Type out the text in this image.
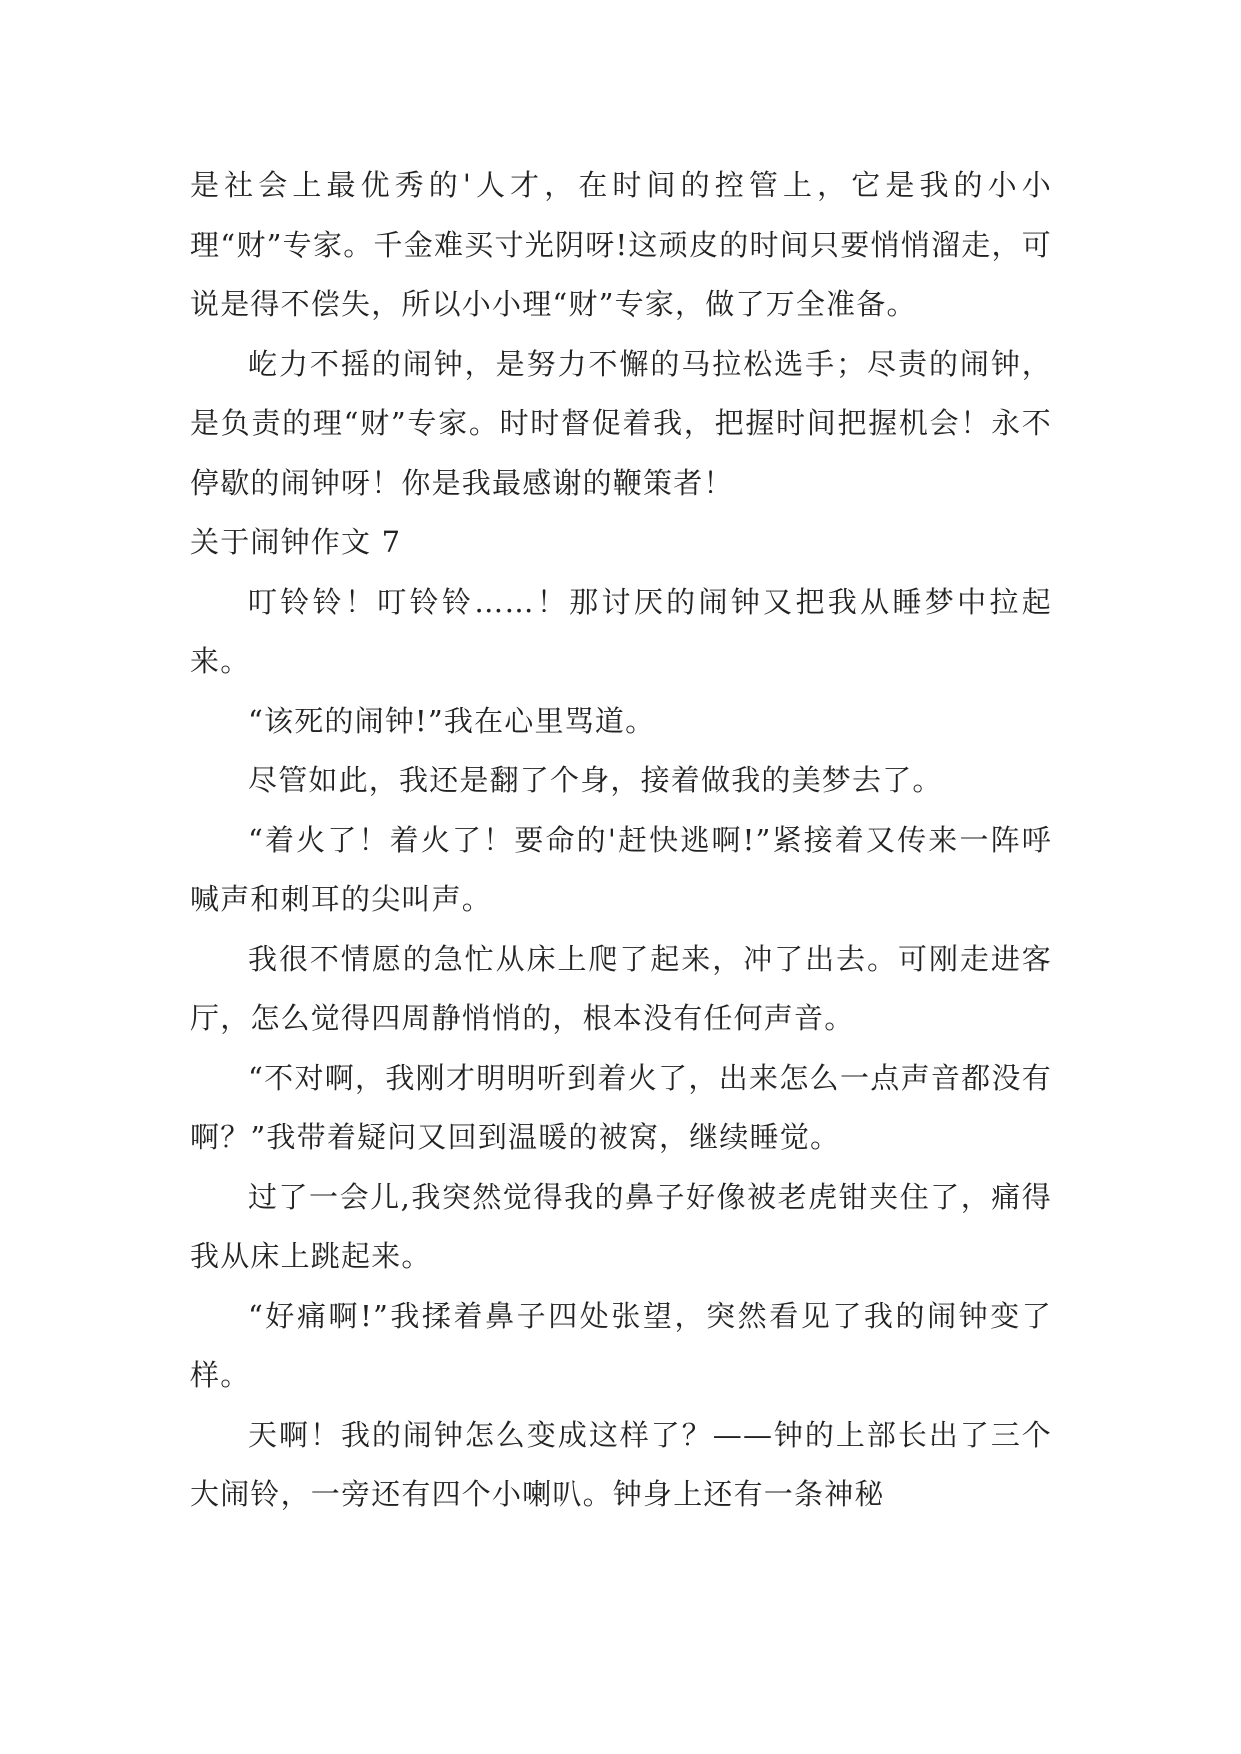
是社会上最优秀的'人才，在时间的控管上，它是我的小小理“财”专家。千金难买寸光阴呀!这顽皮的时间只要悄悄溜走，可说是得不偿失，所以小小理“财”专家，做了万全准备。

屹力不摇的闹钟，是努力不懈的马拉松选手；尽责的闹钟，是负责的理“财”专家。时时督促着我，把握时间把握机会！永不停歇的闹钟呀！你是我最感谢的鞭策者！

关于闹钟作文 7

叮铃铃！叮铃铃……！那讨厌的闹钟又把我从睡梦中拉起来。

“该死的闹钟!”我在心里骂道。

尽管如此，我还是翻了个身，接着做我的美梦去了。

“着火了！着火了！要命的'赶快逃啊!”紧接着又传来一阵呼喊声和刺耳的尖叫声。

我很不情愿的急忙从床上爬了起来，冲了出去。可刚走进客厅，怎么觉得四周静悄悄的，根本没有任何声音。

“不对啊，我刚才明明听到着火了，出来怎么一点声音都没有啊？”我带着疑问又回到温暖的被窝，继续睡觉。

过了一会儿,我突然觉得我的鼻子好像被老虎钳夹住了，痛得我从床上跳起来。

“好痛啊!”我揉着鼻子四处张望，突然看见了我的闹钟变了样。

天啊！我的闹钟怎么变成这样了？——钟的上部长出了三个大闹铃，一旁还有四个小喇叭。钟身上还有一条神秘
